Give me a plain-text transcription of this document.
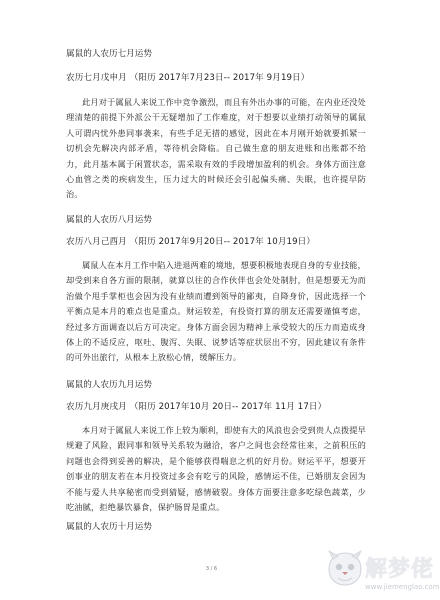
属鼠的人农历七月运势
农历七月戊申月 （阳历 2017年7月23日-- 2017年 9月19日）
此月对于属鼠人来说工作中竞争激烈，而且有外出办事的可能，在内业还没处理清楚的前提下外派公干无疑增加了工作难度，对于想要以业绩打动领导的属鼠人可谓内忧外患同事袭来，有些手足无措的感觉，因此在本月刚开始就要抓紧一切机会先解决内部矛盾，等待机会降临。自己做生意的朋友进账和出账都不给力，此月基本属于闲置状态，需采取有效的手段增加盈利的机会。身体方面注意心血管之类的疾病发生，压力过大的时候还会引起偏头痛、失眠，也许提早防治。
属鼠的人农历八月运势
农历八月己酉月 （阳历 2017年9月20日-- 2017年 10月19日）
属鼠人在本月工作中陷入进退两难的境地，想要积极地表现自身的专业技能，却受到来自各方面的限制，就算以往的合作伙伴也会处处制肘，但是想要无为而治做个甩手掌柜也会因为没有业绩而遭到领导的鄙夷，自降身价，因此选择一个平衡点是本月的难点也是重点。财运较差，有投资打算的朋友还需要谨慎考虑，经过多方面调查以后方可决定。身体方面会因为精神上承受较大的压力而造成身体上的不适反应，呕吐、腹泻、失眠、说梦话等症状层出不穷，因此建议有条件的可外出旅行，从根本上放松心情，缓解压力。
属鼠的人农历九月运势
农历九月庚戌月 （阳历 2017年10月 20日-- 2017年 11月 17日）
本月对于属鼠人来说工作上较为顺利，即使有大的风浪也会受到贵人点拨提早规避了风险，跟同事和领导关系较为融洽，客户之间也会经常往来，之前积压的问题也会得到妥善的解决，是个能够获得喘息之机的好月份。财运平平，想要开创事业的朋友若在本月投资过多会有吃亏的风险，感情运不佳，已婚朋友会因为不能与爱人共享秘密而受到猜疑，感情破裂。身体方面要注意多吃绿色蔬菜，少吃油腻，拒绝暴饮暴食，保护肠胃是重点。
属鼠的人农历十月运势
3 / 6	解梦佬
www.jiemenglao.com
